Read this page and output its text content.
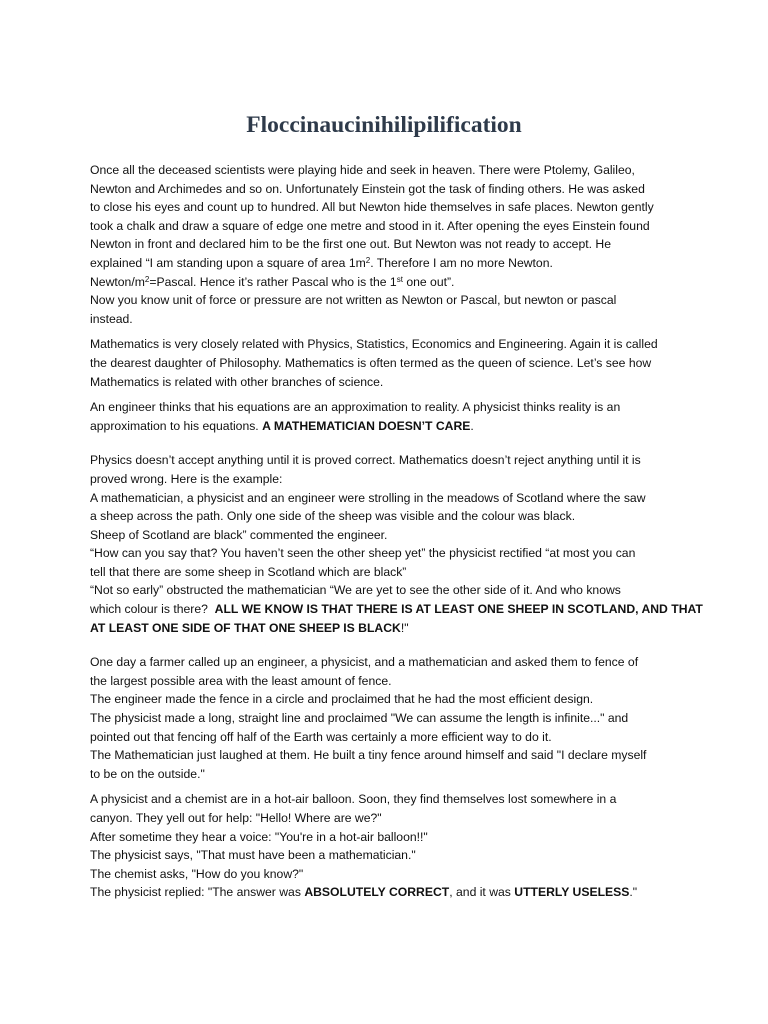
Floccinaucinihilipilification
Once all the deceased scientists were playing hide and seek in heaven. There were Ptolemy, Galileo,
Newton and Archimedes and so on. Unfortunately Einstein got the task of finding others. He was asked
to close his eyes and count up to hundred. All but Newton hide themselves in safe places. Newton gently
took a chalk and draw a square of edge one metre and stood in it. After opening the eyes Einstein found
Newton in front and declared him to be the first one out. But Newton was not ready to accept. He
explained “I am standing upon a square of area $1m^2$. Therefore I am no more Newton.
Newton/$m^2=Pascal$. Hence it’s rather Pascal who is the 1st one out”.
Now you know unit of force or pressure are not written as Newton or Pascal, but newton or pascal
instead.
Mathematics is very closely related with Physics, Statistics, Economics and Engineering. Again it is called
the dearest daughter of Philosophy. Mathematics is often termed as the queen of science. Let’s see how
Mathematics is related with other branches of science.
An engineer thinks that his equations are an approximation to reality. A physicist thinks reality is an
approximation to his equations. A MATHEMATICIAN DOESN’T CARE.
Physics doesn’t accept anything until it is proved correct. Mathematics doesn’t reject anything until it is
proved wrong. Here is the example:
A mathematician, a physicist and an engineer were strolling in the meadows of Scotland where the saw
a sheep across the path. Only one side of the sheep was visible and the colour was black.
Sheep of Scotland are black” commented the engineer.
“How can you say that? You haven’t seen the other sheep yet” the physicist rectified “at most you can
tell that there are some sheep in Scotland which are black”
“Not so early” obstructed the mathematician “We are yet to see the other side of it. And who knows
which colour is there?  ALL WE KNOW IS THAT THERE IS AT LEAST ONE SHEEP IN SCOTLAND, AND THAT
AT LEAST ONE SIDE OF THAT ONE SHEEP IS BLACK!"
One day a farmer called up an engineer, a physicist, and a mathematician and asked them to fence of
the largest possible area with the least amount of fence.
The engineer made the fence in a circle and proclaimed that he had the most efficient design.
The physicist made a long, straight line and proclaimed "We can assume the length is infinite..." and
pointed out that fencing off half of the Earth was certainly a more efficient way to do it.
The Mathematician just laughed at them. He built a tiny fence around himself and said "I declare myself
to be on the outside."
A physicist and a chemist are in a hot-air balloon. Soon, they find themselves lost somewhere in a
canyon. They yell out for help: "Hello! Where are we?"
After sometime they hear a voice: "You're in a hot-air balloon!!"
The physicist says, "That must have been a mathematician."
The chemist asks, "How do you know?"
The physicist replied: "The answer was ABSOLUTELY CORRECT, and it was UTTERLY USELESS."
